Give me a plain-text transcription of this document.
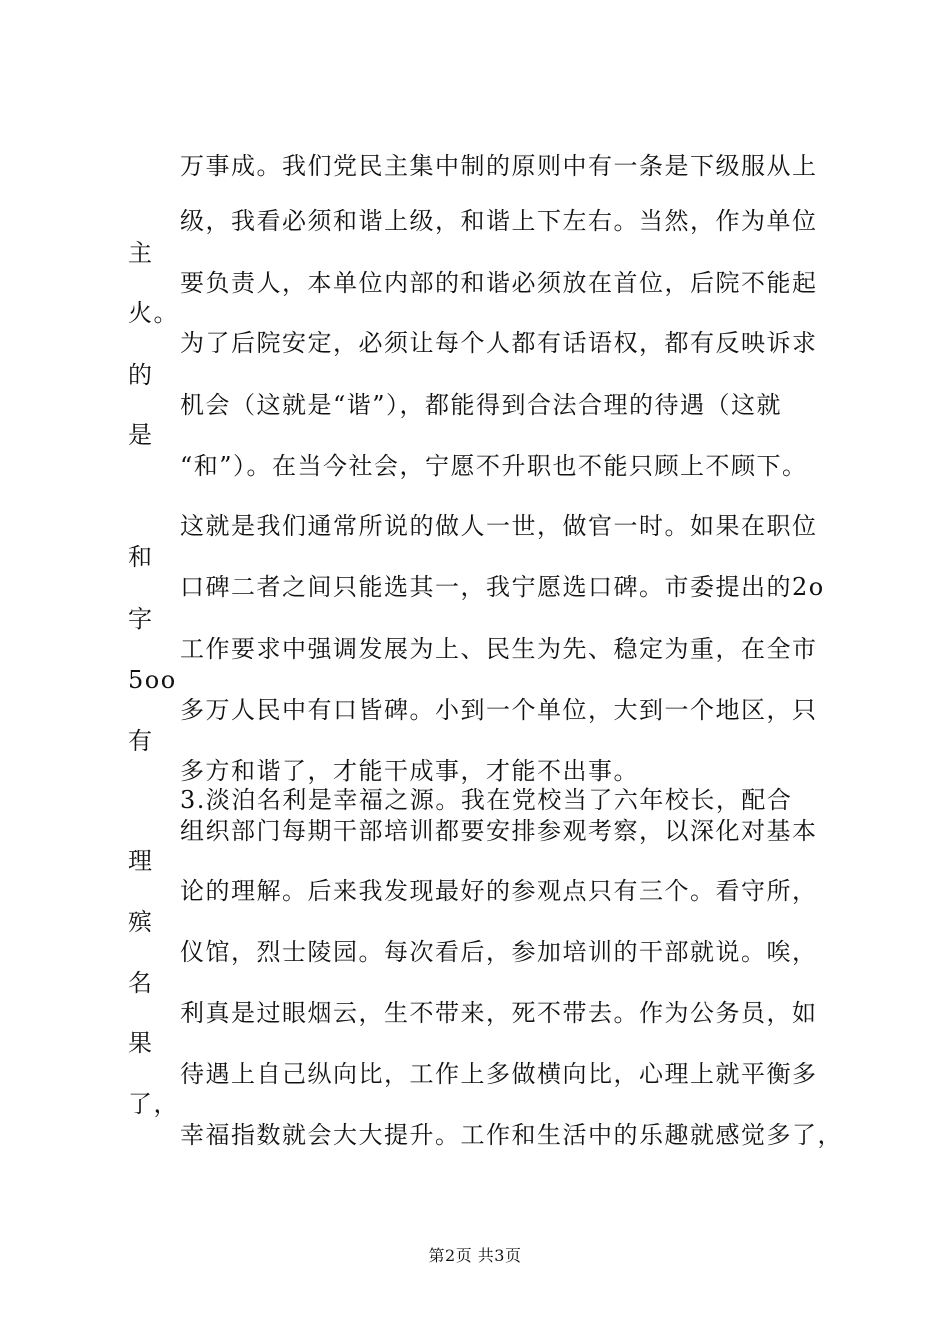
万事成。我们党民主集中制的原则中有一条是下级服从上
级，我看必须和谐上级，和谐上下左右。当然，作为单位
主
要负责人，本单位内部的和谐必须放在首位，后院不能起
火。
为了后院安定，必须让每个人都有话语权，都有反映诉求
的
机会（这就是“谐”），都能得到合法合理的待遇（这就
是
“和”）。在当今社会，宁愿不升职也不能只顾上不顾下。
这就是我们通常所说的做人一世，做官一时。如果在职位
和
口碑二者之间只能选其一，我宁愿选口碑。市委提出的2o
字
工作要求中强调发展为上、民生为先、稳定为重，在全市
5oo
多万人民中有口皆碑。小到一个单位，大到一个地区，只
有
多方和谐了，才能干成事，才能不出事。
3.淡泊名利是幸福之源。我在党校当了六年校长，配合
组织部门每期干部培训都要安排参观考察，以深化对基本
理
论的理解。后来我发现最好的参观点只有三个。看守所，
殡
仪馆，烈士陵园。每次看后，参加培训的干部就说。唉，
名
利真是过眼烟云，生不带来，死不带去。作为公务员，如
果
待遇上自己纵向比，工作上多做横向比，心理上就平衡多
了，
幸福指数就会大大提升。工作和生活中的乐趣就感觉多了，
第2页 共3页
